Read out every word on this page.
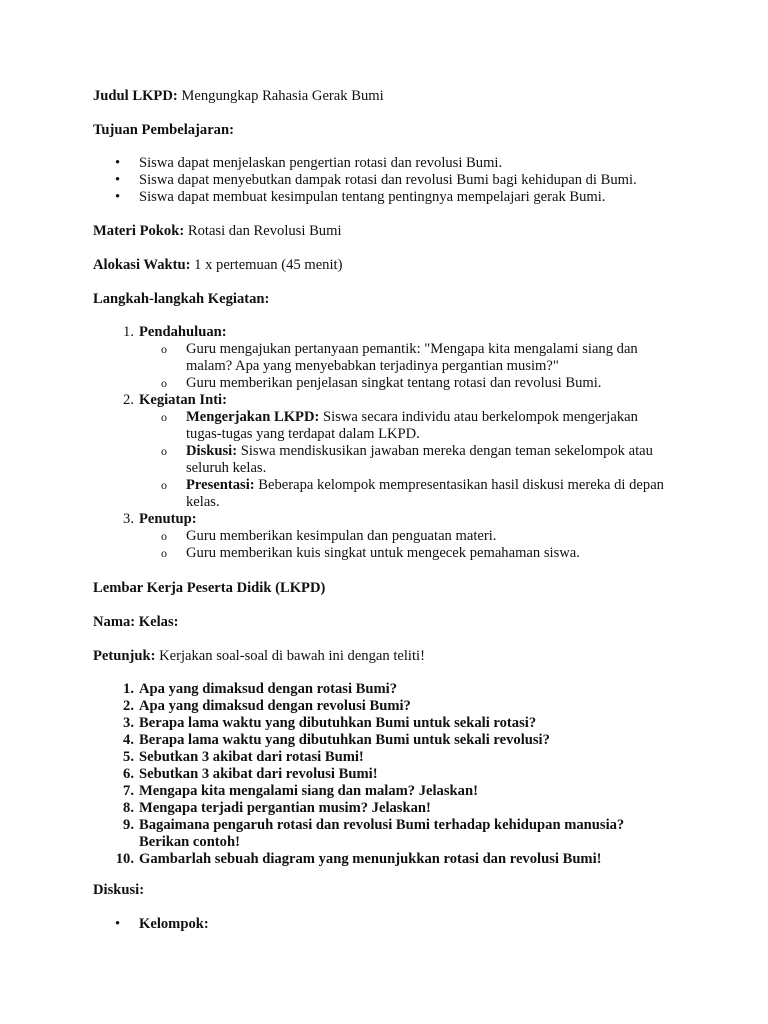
Judul LKPD: Mengungkap Rahasia Gerak Bumi

Tujuan Pembelajaran:

• Siswa dapat menjelaskan pengertian rotasi dan revolusi Bumi.
• Siswa dapat menyebutkan dampak rotasi dan revolusi Bumi bagi kehidupan di Bumi.
• Siswa dapat membuat kesimpulan tentang pentingnya mempelajari gerak Bumi.

Materi Pokok: Rotasi dan Revolusi Bumi

Alokasi Waktu: 1 x pertemuan (45 menit)

Langkah-langkah Kegiatan:

1. Pendahuluan:
o Guru mengajukan pertanyaan pemantik: "Mengapa kita mengalami siang dan malam? Apa yang menyebabkan terjadinya pergantian musim?"
o Guru memberikan penjelasan singkat tentang rotasi dan revolusi Bumi.
2. Kegiatan Inti:
o Mengerjakan LKPD: Siswa secara individu atau berkelompok mengerjakan tugas-tugas yang terdapat dalam LKPD.
o Diskusi: Siswa mendiskusikan jawaban mereka dengan teman sekelompok atau seluruh kelas.
o Presentasi: Beberapa kelompok mempresentasikan hasil diskusi mereka di depan kelas.
3. Penutup:
o Guru memberikan kesimpulan dan penguatan materi.
o Guru memberikan kuis singkat untuk mengecek pemahaman siswa.

Lembar Kerja Peserta Didik (LKPD)

Nama: Kelas:

Petunjuk: Kerjakan soal-soal di bawah ini dengan teliti!

1. Apa yang dimaksud dengan rotasi Bumi?
2. Apa yang dimaksud dengan revolusi Bumi?
3. Berapa lama waktu yang dibutuhkan Bumi untuk sekali rotasi?
4. Berapa lama waktu yang dibutuhkan Bumi untuk sekali revolusi?
5. Sebutkan 3 akibat dari rotasi Bumi!
6. Sebutkan 3 akibat dari revolusi Bumi!
7. Mengapa kita mengalami siang dan malam? Jelaskan!
8. Mengapa terjadi pergantian musim? Jelaskan!
9. Bagaimana pengaruh rotasi dan revolusi Bumi terhadap kehidupan manusia? Berikan contoh!
10. Gambarlah sebuah diagram yang menunjukkan rotasi dan revolusi Bumi!

Diskusi:

• Kelompok:
